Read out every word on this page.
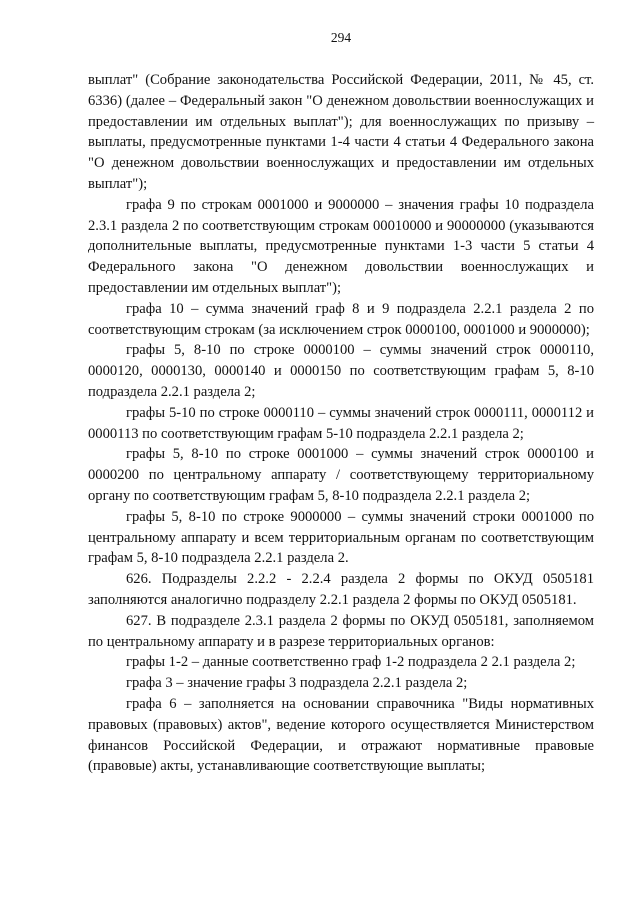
294

выплат" (Собрание законодательства Российской Федерации, 2011, № 45, ст. 6336) (далее – Федеральный закон "О денежном довольствии военнослужащих и предоставлении им отдельных выплат"); для военнослужащих по призыву – выплаты, предусмотренные пунктами 1-4 части 4 статьи 4 Федерального закона "О денежном довольствии военнослужащих и предоставлении им отдельных выплат");

графа 9 по строкам 0001000 и 9000000 – значения графы 10 подраздела 2.3.1 раздела 2 по соответствующим строкам 00010000 и 90000000 (указываются дополнительные выплаты, предусмотренные пунктами 1-3 части 5 статьи 4 Федерального закона "О денежном довольствии военнослужащих и предоставлении им отдельных выплат");

графа 10 – сумма значений граф 8 и 9 подраздела 2.2.1 раздела 2 по соответствующим строкам (за исключением строк 0000100, 0001000 и 9000000);

графы 5, 8-10 по строке 0000100 – суммы значений строк 0000110, 0000120, 0000130, 0000140 и 0000150 по соответствующим графам 5, 8-10 подраздела 2.2.1 раздела 2;

графы 5-10 по строке 0000110 – суммы значений строк 0000111, 0000112 и 0000113 по соответствующим графам 5-10 подраздела 2.2.1 раздела 2;

графы 5, 8-10 по строке 0001000 – суммы значений строк 0000100 и 0000200 по центральному аппарату / соответствующему территориальному органу по соответствующим графам 5, 8-10 подраздела 2.2.1 раздела 2;

графы 5, 8-10 по строке 9000000 – суммы значений строки 0001000 по центральному аппарату и всем территориальным органам по соответствующим графам 5, 8-10 подраздела 2.2.1 раздела 2.

626. Подразделы 2.2.2 - 2.2.4 раздела 2 формы по ОКУД 0505181 заполняются аналогично подразделу 2.2.1 раздела 2 формы по ОКУД 0505181.

627. В подразделе 2.3.1 раздела 2 формы по ОКУД 0505181, заполняемом по центральному аппарату и в разрезе территориальных органов:

графы 1-2 – данные соответственно граф 1-2 подраздела 2 2.1 раздела 2;

графа 3 – значение графы 3 подраздела 2.2.1 раздела 2;

графа 6 – заполняется на основании справочника "Виды нормативных правовых (правовых) актов", ведение которого осуществляется Министерством финансов Российской Федерации, и отражают нормативные правовые (правовые) акты, устанавливающие соответствующие выплаты;
